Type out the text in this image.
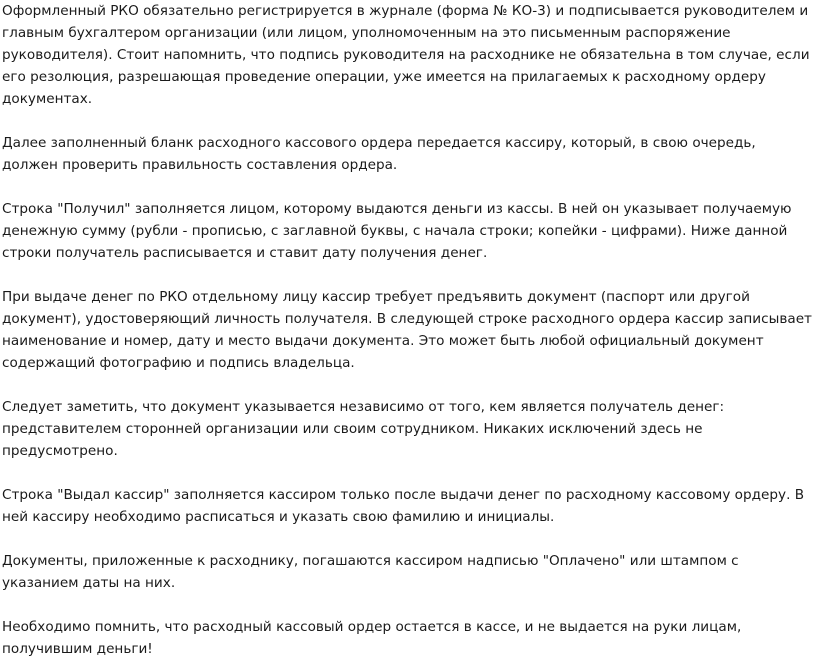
Оформленный РКО обязательно регистрируется в журнале (форма № КО-3) и подписывается руководителем и главным бухгалтером организации (или лицом, уполномоченным на это письменным распоряжение руководителя). Стоит напомнить, что подпись руководителя на расходнике не обязательна в том случае, если его резолюция, разрешающая проведение операции, уже имеется на прилагаемых к расходному ордеру документах.

Далее заполненный бланк расходного кассового ордера передается кассиру, который, в свою очередь, должен проверить правильность составления ордера.

Строка "Получил" заполняется лицом, которому выдаются деньги из кассы. В ней он указывает получаемую денежную сумму (рубли - прописью, с заглавной буквы, с начала строки; копейки - цифрами). Ниже данной строки получатель расписывается и ставит дату получения денег.

При выдаче денег по РКО отдельному лицу кассир требует предъявить документ (паспорт или другой документ), удостоверяющий личность получателя. В следующей строке расходного ордера кассир записывает наименование и номер, дату и место выдачи документа. Это может быть любой официальный документ содержащий фотографию и подпись владельца.

Следует заметить, что документ указывается независимо от того, кем является получатель денег: представителем сторонней организации или своим сотрудником. Никаких исключений здесь не предусмотрено.

Строка "Выдал кассир" заполняется кассиром только после выдачи денег по расходному кассовому ордеру. В ней кассиру необходимо расписаться и указать свою фамилию и инициалы.

Документы, приложенные к расходнику, погашаются кассиром надписью "Оплачено" или штампом с указанием даты на них.

Необходимо помнить, что расходный кассовый ордер остается в кассе, и не выдается на руки лицам, получившим деньги!
